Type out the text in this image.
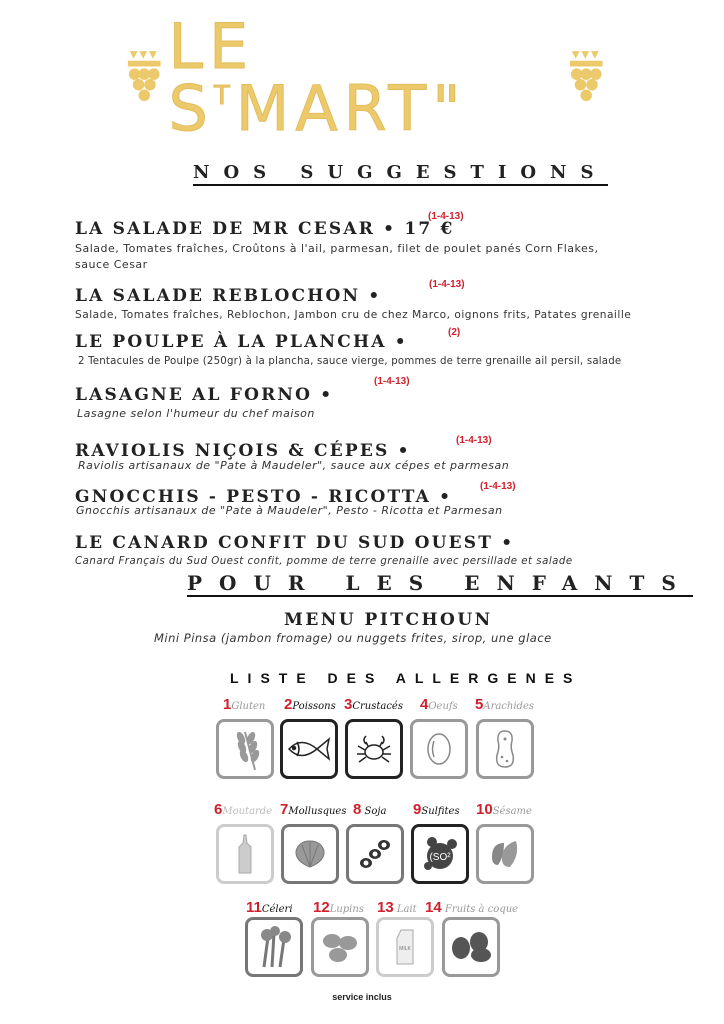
LE $S^TMART$"
NOS SUGGESTIONS
LA SALADE DE MR CESAR • 17 €
(1-4-13)
Salade, Tomates fraîches, Croûtons à l'ail, parmesan, filet de poulet panés Corn Flakes,
sauce Cesar
LA SALADE REBLOCHON •
(1-4-13)
Salade, Tomates fraîches, Reblochon, Jambon cru de chez Marco, oignons frits, Patates grenaille
LE POULPE À LA PLANCHA •	(2)
2 Tentacules de Poulpe (250gr) à la plancha, sauce vierge, pommes de terre grenaille ail persil, salade
LASAGNE AL FORNO •
(1-4-13)
Lasagne selon l'humeur du chef maison
RAVIOLIS NIÇOIS & CÉPES •
(1-4-13)
Raviolis artisanaux de "Pate à Maudeler", sauce aux cépes et parmesan
GNOCCHIS - PESTO - RICOTTA •
(1-4-13)
Gnocchis artisanaux de "Pate à Maudeler", Pesto - Ricotta et Parmesan
LE CANARD CONFIT DU SUD OUEST •
Canard Français du Sud Ouest confit, pomme de terre grenaille avec persillade et salade
POUR LES ENFANTS
MENU PITCHOUN
Mini Pinsa (jambon fromage) ou nuggets frites, sirop, une glace
LISTE DES ALLERGENES
1Gluten 2Poissons 3Crustacés 4Oeufs 5Arachides
6Moutarde 7Mollusques 8 Soja 9Sulfites 10Sésame
(SO²
11Céleri 12Lupins 13 Lait 14 Fruits à coque
MILK
service inclus
